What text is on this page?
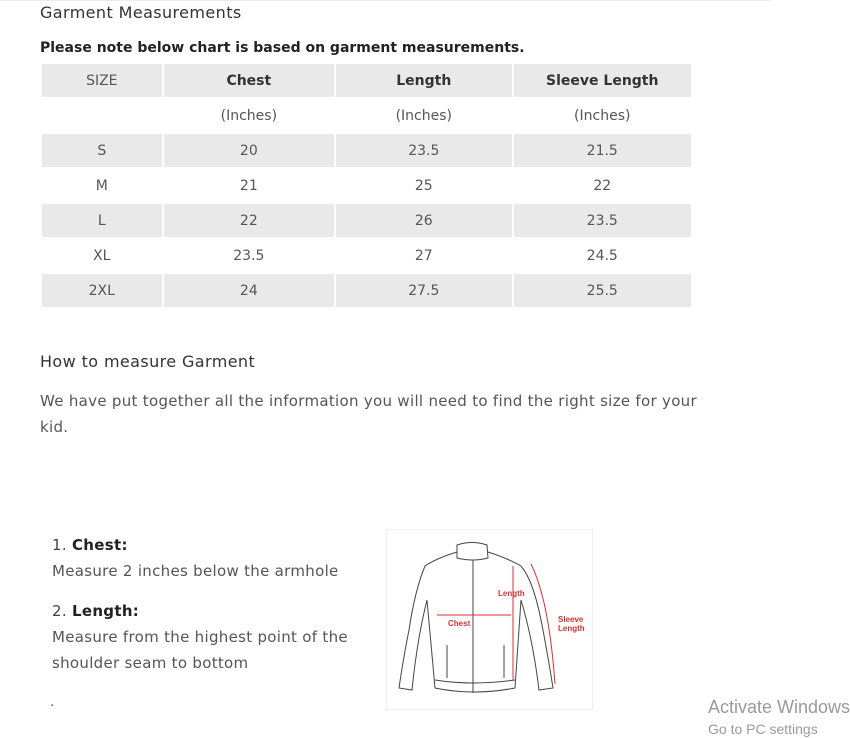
Garment Measurements
Please note below chart is based on garment measurements.
SIZE	Chest	Length	Sleeve Length
	(Inches)	(Inches)	(Inches)
S	20	23.5	21.5
M	21	25	22
L	22	26	23.5
XL	23.5	27	24.5
2XL	24	27.5	25.5
How to measure Garment

We have put together all the information you will need to find the right size for your kid.

1. Chest:

Measure 2 inches below the armhole

2. Length:

Measure from the highest point of the shoulder seam to bottom

.
Length
Chest	Sleeve
Length
Activate Windows
Go to PC settings
